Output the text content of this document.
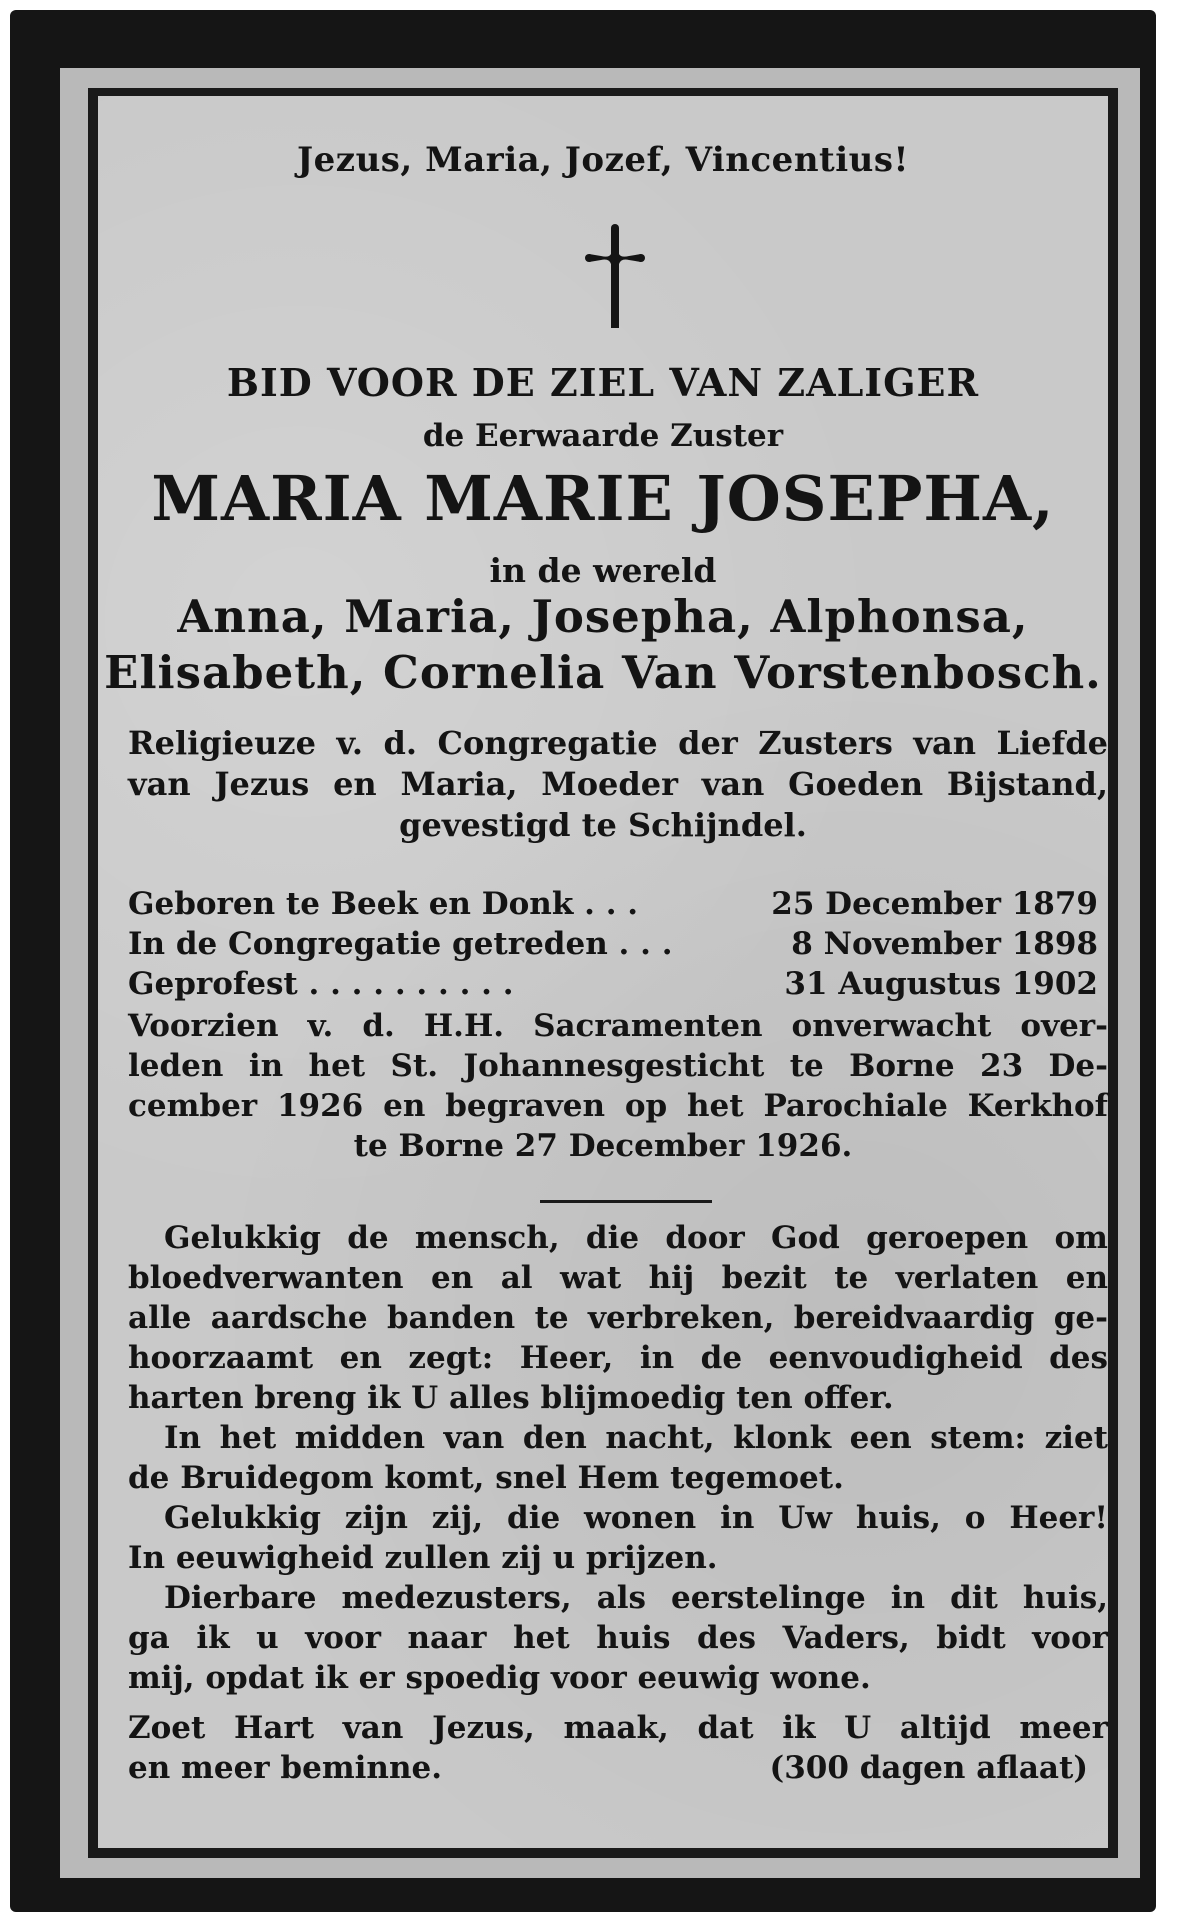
Jezus, Maria, Jozef, Vincentius!
BID VOOR DE ZIEL VAN ZALIGER
de Eerwaarde Zuster
MARIA MARIE JOSEPHA,
in de wereld
Anna, Maria, Josepha, Alphonsa,
Elisabeth, Cornelia Van Vorstenbosch.
Religieuze v. d. Congregatie der Zusters van Liefde
van Jezus en Maria, Moeder van Goeden Bijstand,
gevestigd te Schijndel.
Geboren te Beek en Donk . . .	25 December 1879
In de Congregatie getreden . . .	8 November 1898
Geprofest . . . . . . . . . .	31 Augustus 1902
Voorzien v. d. H.H. Sacramenten onverwacht over-
leden in het St. Johannesgesticht te Borne 23 De-
cember 1926 en begraven op het Parochiale Kerkhof
te Borne 27 December 1926.
Gelukkig de mensch, die door God geroepen om
bloedverwanten en al wat hij bezit te verlaten en
alle aardsche banden te verbreken, bereidvaardig ge-
hoorzaamt en zegt: Heer, in de eenvoudigheid des
harten breng ik U alles blijmoedig ten offer.
In het midden van den nacht, klonk een stem: ziet
de Bruidegom komt, snel Hem tegemoet.
Gelukkig zijn zij, die wonen in Uw huis, o Heer!
In eeuwigheid zullen zij u prijzen.
Dierbare medezusters, als eerstelinge in dit huis,
ga ik u voor naar het huis des Vaders, bidt voor
mij, opdat ik er spoedig voor eeuwig wone.
Zoet Hart van Jezus, maak, dat ik U altijd meer
en meer beminne.	(300 dagen aflaat)
